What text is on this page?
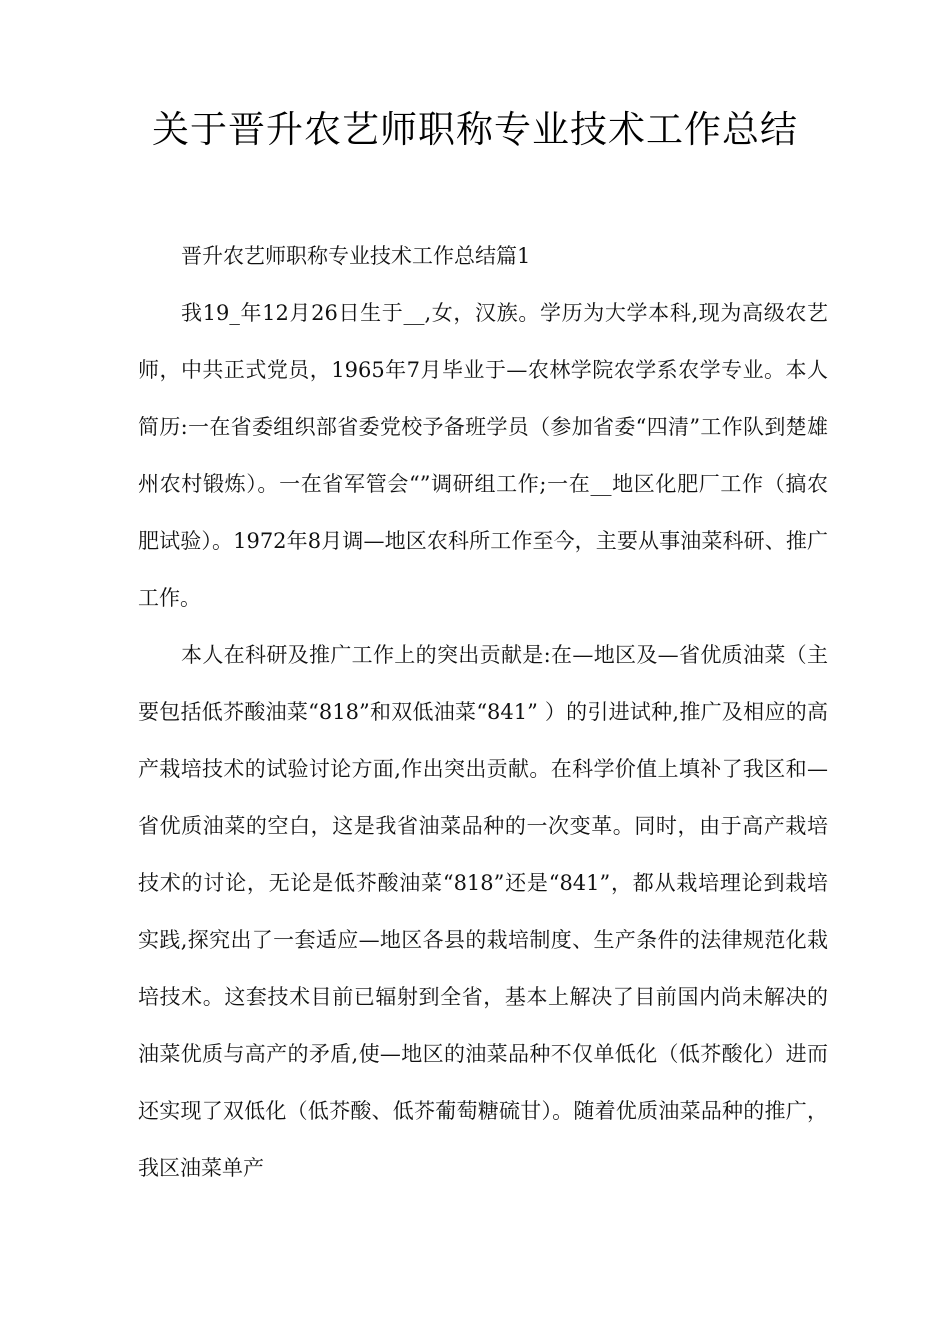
关于晋升农艺师职称专业技术工作总结

晋升农艺师职称专业技术工作总结篇1

我19_年12月26日生于__,女，汉族。学历为大学本科,现为高级农艺师，中共正式党员，1965年7月毕业于—农林学院农学系农学专业。本人简历:一在省委组织部省委党校予备班学员（参加省委“四清”工作队到楚雄州农村锻炼）。一在省军管会“”调研组工作;一在__地区化肥厂工作（搞农肥试验）。1972年8月调—地区农科所工作至今，主要从事油菜科研、推广工作。

本人在科研及推广工作上的突出贡献是:在—地区及—省优质油菜（主要包括低芥酸油菜“818”和双低油菜“841” ）的引进试种,推广及相应的高产栽培技术的试验讨论方面,作出突出贡献。在科学价值上填补了我区和—省优质油菜的空白，这是我省油菜品种的一次变革。同时，由于高产栽培技术的讨论，无论是低芥酸油菜“818”还是“841”，都从栽培理论到栽培实践,探究出了一套适应—地区各县的栽培制度、生产条件的法律规范化栽培技术。这套技术目前已辐射到全省，基本上解决了目前国内尚未解决的油菜优质与高产的矛盾,使—地区的油菜品种不仅单低化（低芥酸化）进而还实现了双低化（低芥酸、低芥葡萄糖硫甘）。随着优质油菜品种的推广，我区油菜单产
